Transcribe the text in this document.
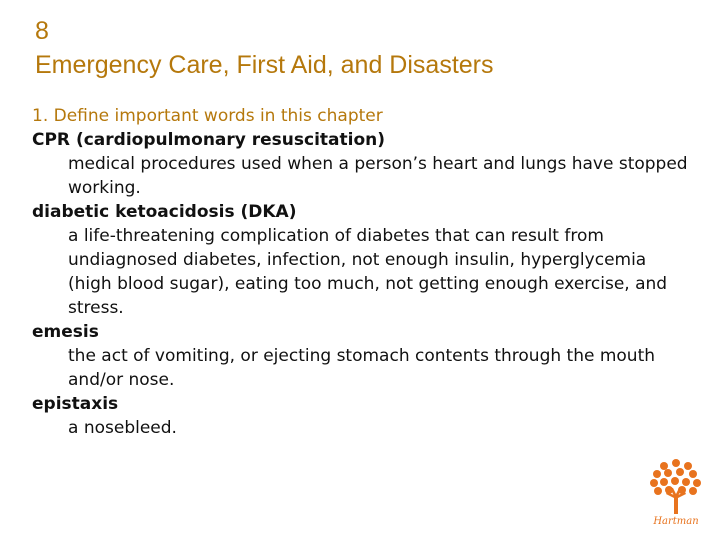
8
Emergency Care, First Aid, and Disasters
1. Define important words in this chapter
CPR (cardiopulmonary resuscitation)
medical procedures used when a person’s heart and lungs have stopped working.
diabetic ketoacidosis (DKA)
a life-threatening complication of diabetes that can result from undiagnosed diabetes, infection, not enough insulin, hyperglycemia (high blood sugar), eating too much, not getting enough exercise, and stress.
emesis
the act of vomiting, or ejecting stomach contents through the mouth and/or nose.
epistaxis
a nosebleed.
Hartman
